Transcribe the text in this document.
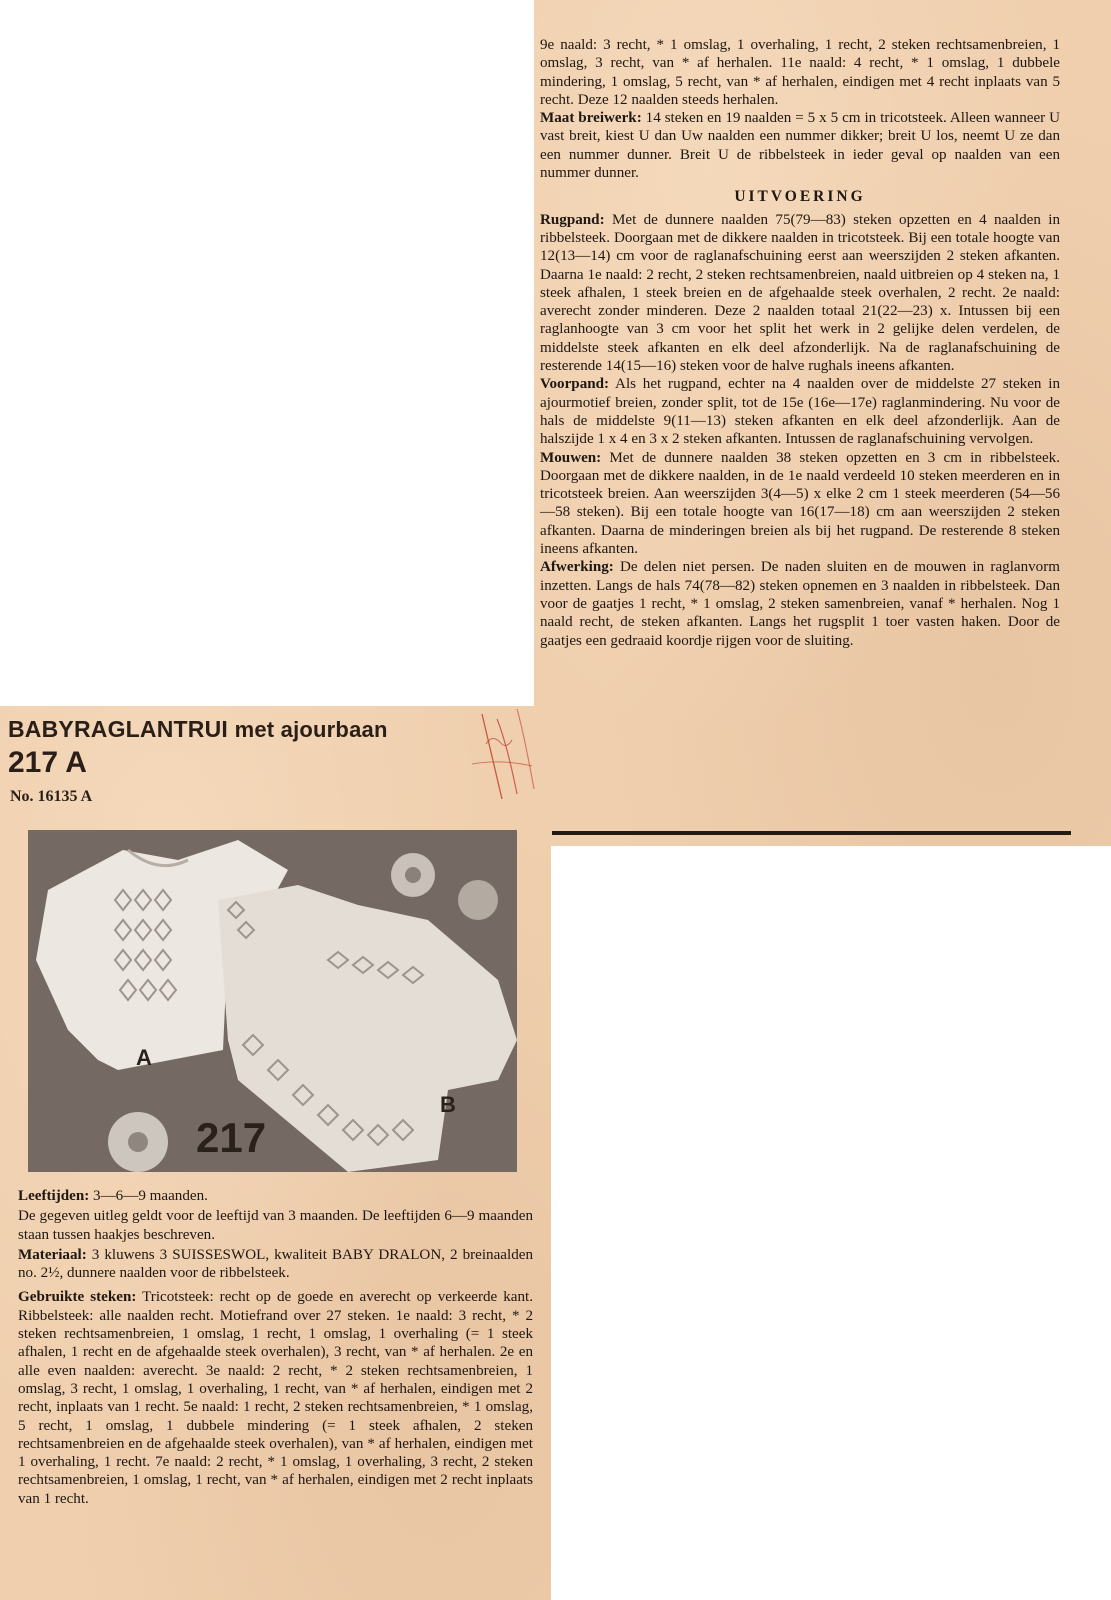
9e naald: 3 recht, * 1 omslag, 1 overhaling, 1 recht, 2 steken rechtsamenbreien, 1 omslag, 3 recht, van * af herhalen. 11e naald: 4 recht, * 1 omslag, 1 dubbele mindering, 1 omslag, 5 recht, van * af herhalen, eindigen met 4 recht inplaats van 5 recht. Deze 12 naalden steeds herhalen.

Maat breiwerk: 14 steken en 19 naalden = 5 x 5 cm in tricotsteek. Alleen wanneer U vast breit, kiest U dan Uw naalden een nummer dikker; breit U los, neemt U ze dan een nummer dunner. Breit U de ribbelsteek in ieder geval op naalden van een nummer dunner.

UITVOERING

Rugpand: Met de dunnere naalden 75(79—83) steken opzetten en 4 naalden in ribbelsteek. Doorgaan met de dikkere naalden in tricotsteek. Bij een totale hoogte van 12(13—14) cm voor de raglanafschuining eerst aan weerszijden 2 steken afkanten. Daarna 1e naald: 2 recht, 2 steken rechtsamenbreien, naald uitbreien op 4 steken na, 1 steek afhalen, 1 steek breien en de afgehaalde steek overhalen, 2 recht. 2e naald: averecht zonder minderen. Deze 2 naalden totaal 21(22—23) x. Intussen bij een raglanhoogte van 3 cm voor het split het werk in 2 gelijke delen verdelen, de middelste steek afkanten en elk deel afzonderlijk. Na de raglanafschuining de resterende 14(15—16) steken voor de halve rughals ineens afkanten.

Voorpand: Als het rugpand, echter na 4 naalden over de middelste 27 steken in ajourmotief breien, zonder split, tot de 15e (16e—17e) raglanmindering. Nu voor de hals de middelste 9(11—13) steken afkanten en elk deel afzonderlijk. Aan de halszijde 1 x 4 en 3 x 2 steken afkanten. Intussen de raglanafschuining vervolgen.

Mouwen: Met de dunnere naalden 38 steken opzetten en 3 cm in ribbelsteek. Doorgaan met de dikkere naalden, in de 1e naald verdeeld 10 steken meerderen en in tricotsteek breien. Aan weerszijden 3(4—5) x elke 2 cm 1 steek meerderen (54—56—58 steken). Bij een totale hoogte van 16(17—18) cm aan weerszijden 2 steken afkanten. Daarna de minderingen breien als bij het rugpand. De resterende 8 steken ineens afkanten.

Afwerking: De delen niet persen. De naden sluiten en de mouwen in raglanvorm inzetten. Langs de hals 74(78—82) steken opnemen en 3 naalden in ribbelsteek. Dan voor de gaatjes 1 recht, * 1 omslag, 2 steken samenbreien, vanaf * herhalen. Nog 1 naald recht, de steken afkanten. Langs het rugsplit 1 toer vasten haken. Door de gaatjes een gedraaid koordje rijgen voor de sluiting.

BABYRAGLANTRUI met ajourbaan
217 A
No. 16135 A
217
A
B

Leeftijden: 3—6—9 maanden.

De gegeven uitleg geldt voor de leeftijd van 3 maanden. De leeftijden 6—9 maanden staan tussen haakjes beschreven.

Materiaal: 3 kluwens 3 SUISSESWOL, kwaliteit BABY DRALON, 2 breinaalden no. 2½, dunnere naalden voor de ribbelsteek.

Gebruikte steken: Tricotsteek: recht op de goede en averecht op verkeerde kant. Ribbelsteek: alle naalden recht. Motiefrand over 27 steken. 1e naald: 3 recht, * 2 steken rechtsamenbreien, 1 omslag, 1 recht, 1 omslag, 1 overhaling (= 1 steek afhalen, 1 recht en de afgehaalde steek overhalen), 3 recht, van * af herhalen. 2e en alle even naalden: averecht. 3e naald: 2 recht, * 2 steken rechtsamenbreien, 1 omslag, 3 recht, 1 omslag, 1 overhaling, 1 recht, van * af herhalen, eindigen met 2 recht, inplaats van 1 recht. 5e naald: 1 recht, 2 steken rechtsamenbreien, * 1 omslag, 5 recht, 1 omslag, 1 dubbele mindering (= 1 steek afhalen, 2 steken rechtsamenbreien en de afgehaalde steek overhalen), van * af herhalen, eindigen met 1 overhaling, 1 recht. 7e naald: 2 recht, * 1 omslag, 1 overhaling, 3 recht, 2 steken rechtsamenbreien, 1 omslag, 1 recht, van * af herhalen, eindigen met 2 recht inplaats van 1 recht.
